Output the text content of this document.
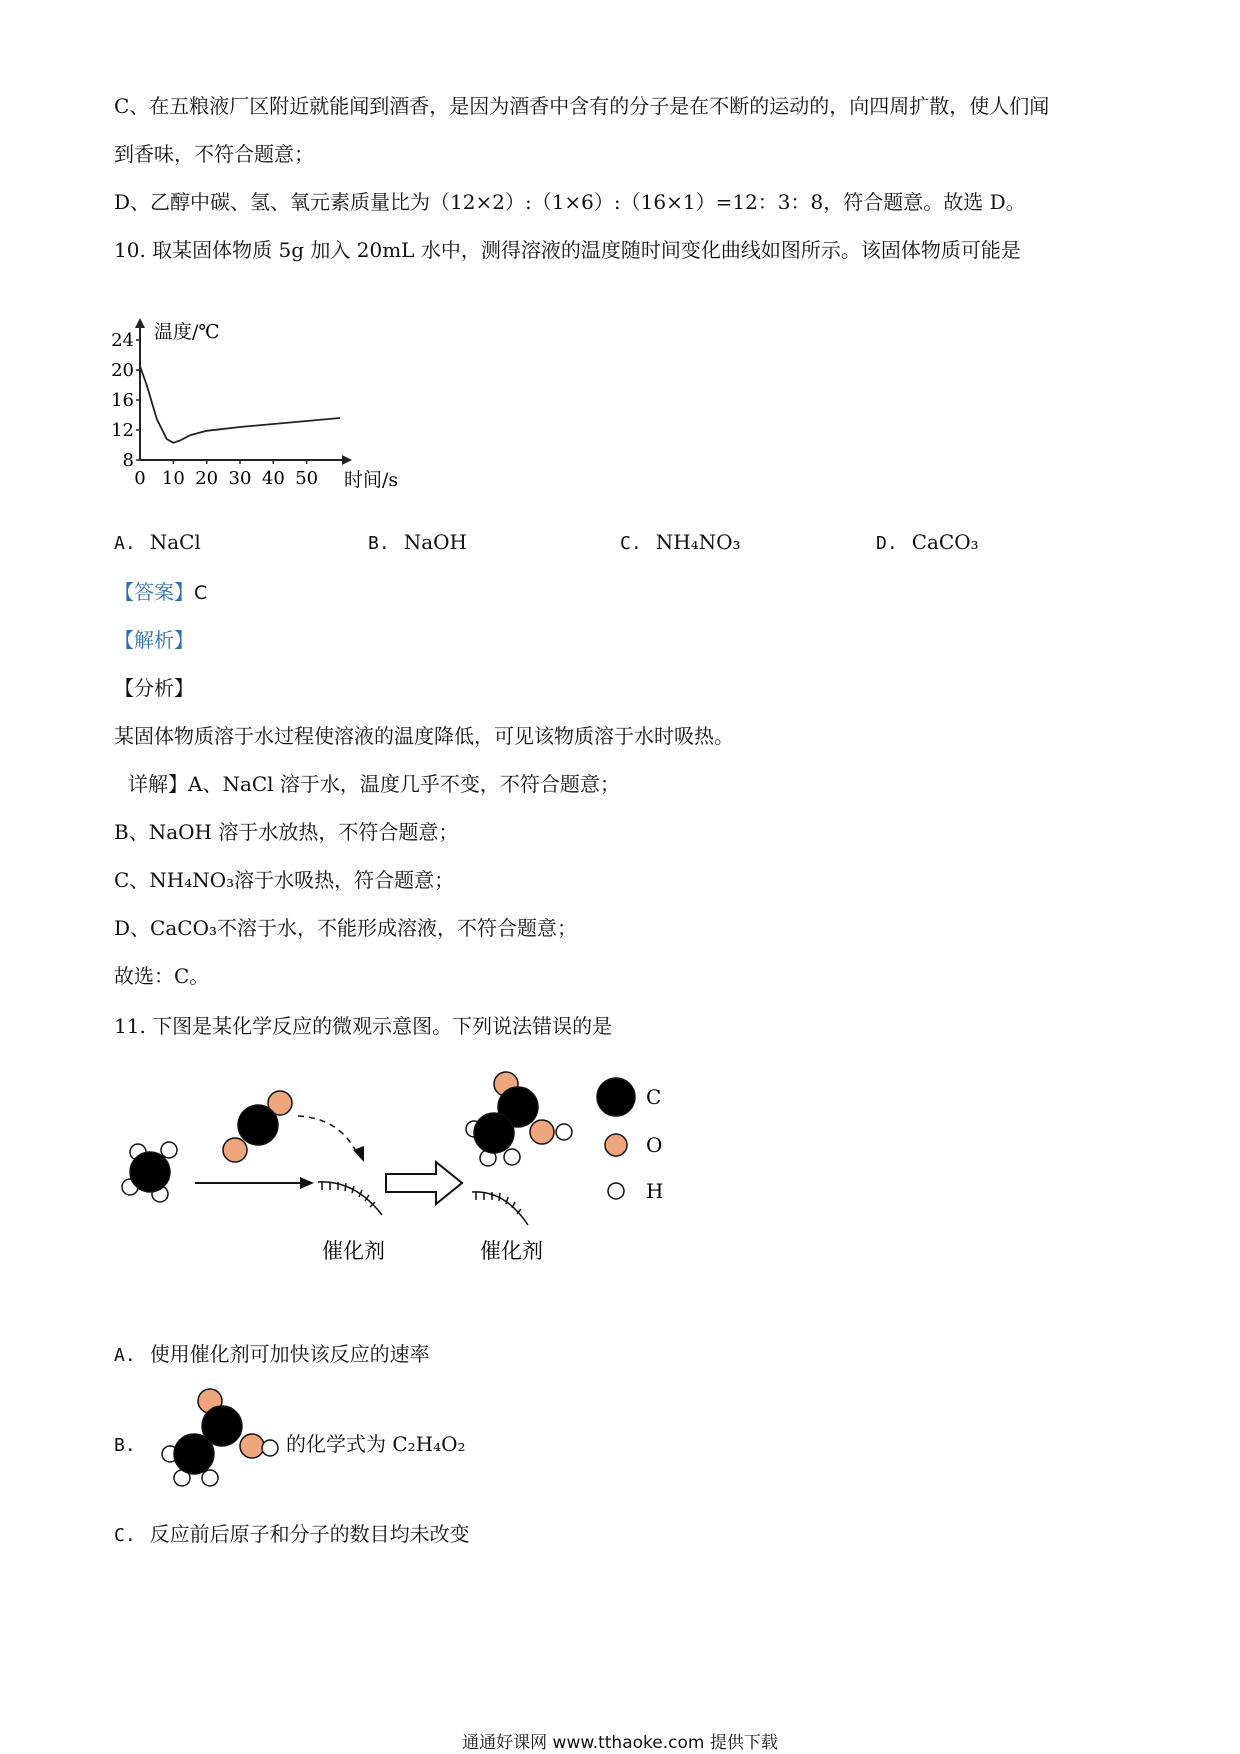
C、在五粮液厂区附近就能闻到酒香，是因为酒香中含有的分子是在不断的运动的，向四周扩散，使人们闻
到香味，不符合题意；
D、乙醇中碳、氢、氧元素质量比为（12×2）:（1×6）:（16×1）=12：3：8，符合题意。故选 D。
10. 取某固体物质 5g 加入 20mL 水中，测得溶液的温度随时间变化曲线如图所示。该固体物质可能是
24
20
16
12
8
0 10 20 30 40 50
温度/℃
时间/s
A. NaCl	B. NaOH	C. NH₄NO₃	D. CaCO₃
【答案】C
【解析】
【分析】
某固体物质溶于水过程使溶液的温度降低，可见该物质溶于水时吸热。
详解】A、NaCl 溶于水，温度几乎不变，不符合题意；
B、NaOH 溶于水放热，不符合题意；
C、NH₄NO₃溶于水吸热，符合题意；
D、CaCO₃不溶于水，不能形成溶液，不符合题意；
故选：C。
11. 下图是某化学反应的微观示意图。下列说法错误的是
催化剂	催化剂
C
O
H
A. 使用催化剂可加快该反应的速率
B.	的化学式为 C₂H₄O₂
C. 反应前后原子和分子的数目均未改变
通通好课网 www.tthaoke.com 提供下载
